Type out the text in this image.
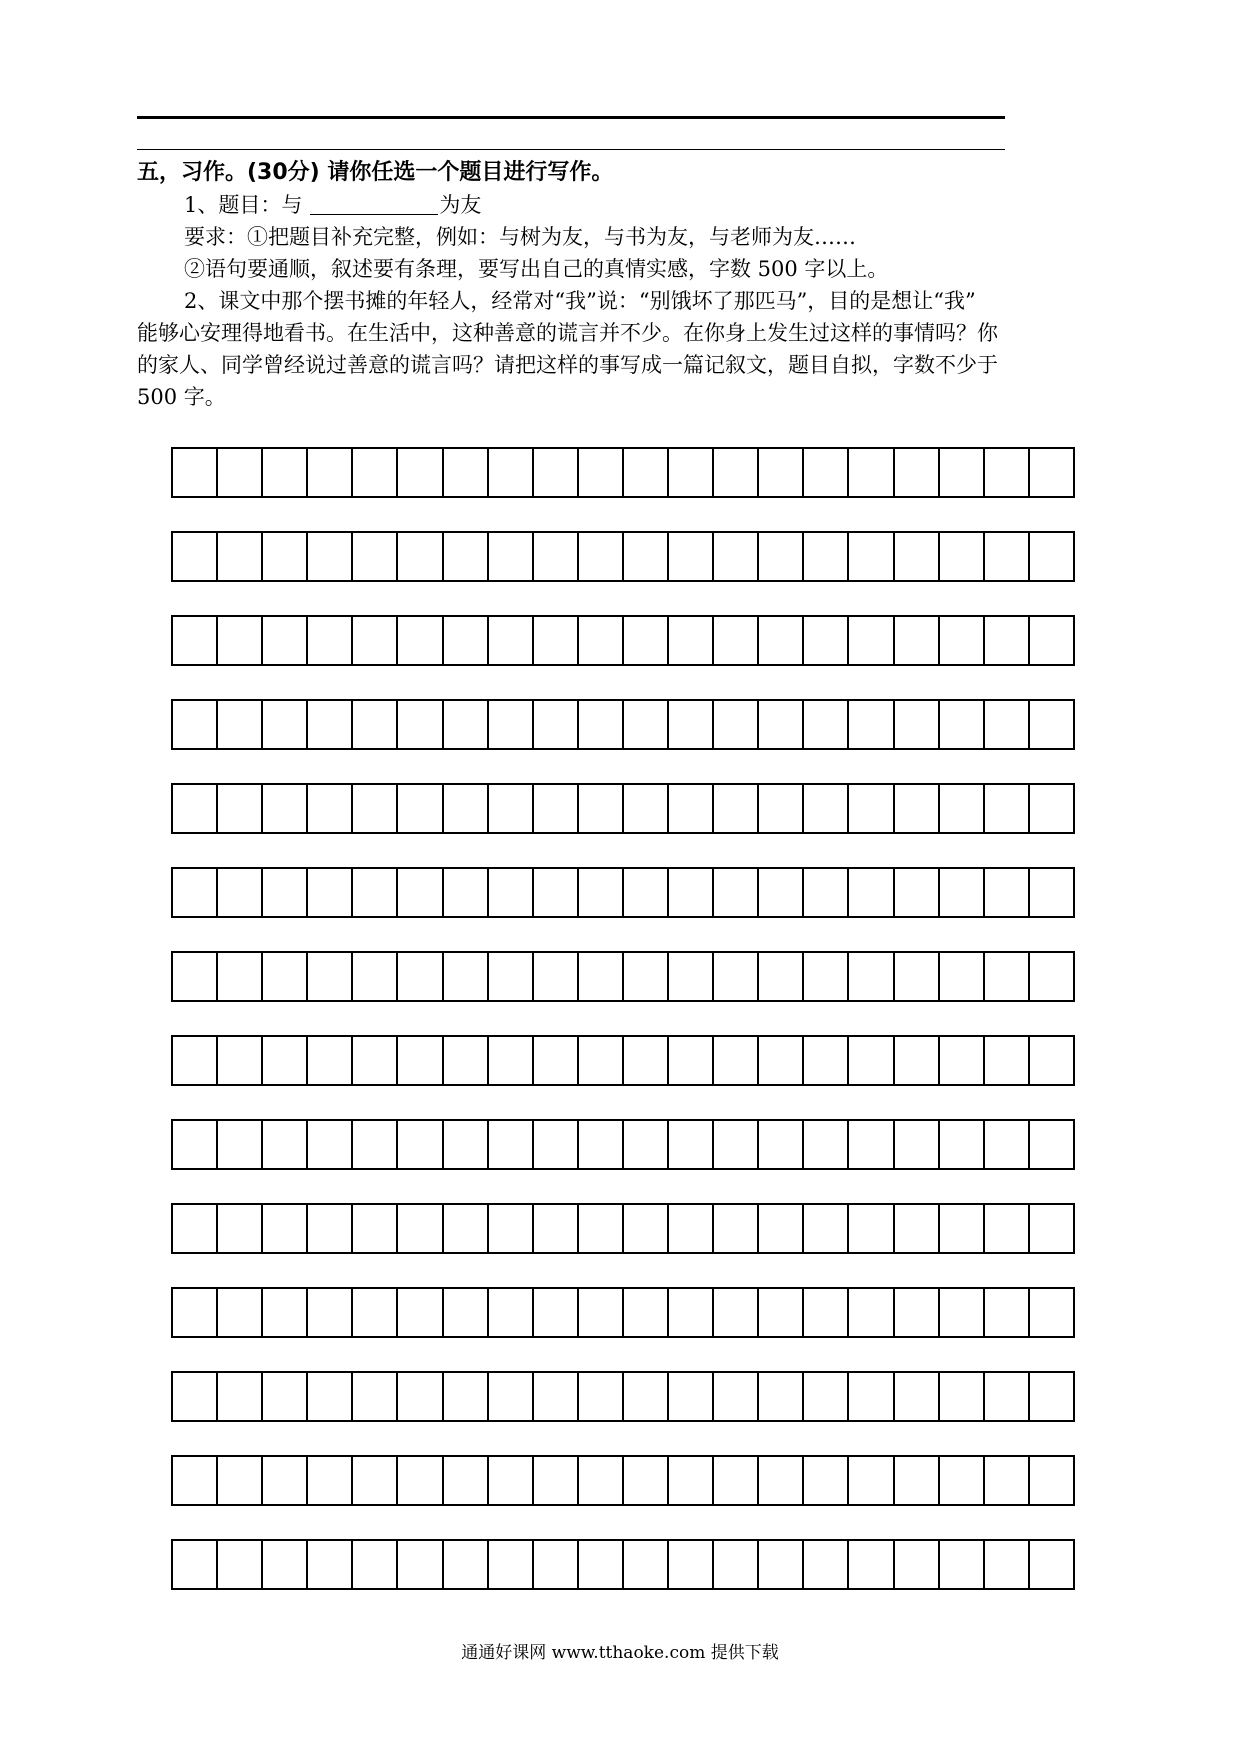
五，习作。(30分) 请你任选一个题目进行写作。
1、题目：与	为友
要求：①把题目补充完整，例如：与树为友，与书为友，与老师为友……
②语句要通顺，叙述要有条理，要写出自己的真情实感，字数 500 字以上。
2、课文中那个摆书摊的年轻人，经常对“我”说：“别饿坏了那匹马”，目的是想让“我”
能够心安理得地看书。在生活中，这种善意的谎言并不少。在你身上发生过这样的事情吗？你
的家人、同学曾经说过善意的谎言吗？请把这样的事写成一篇记叙文，题目自拟，字数不少于
500 字。
通通好课网 www.tthaoke.com 提供下载
